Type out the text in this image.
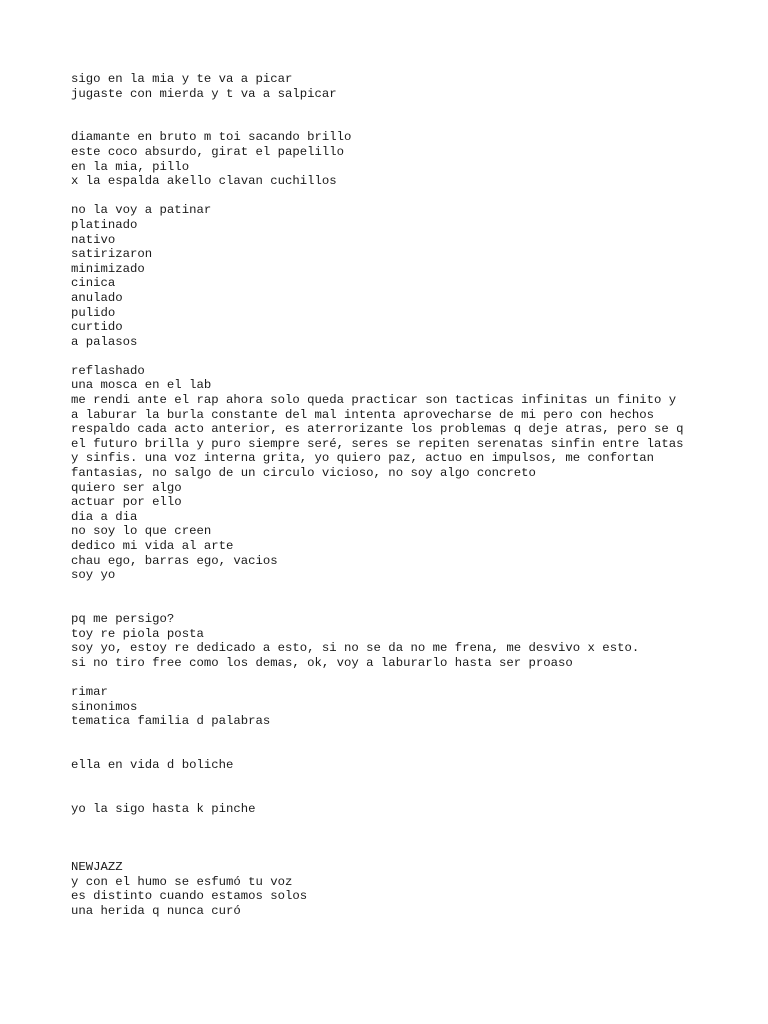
sigo en la mia y te va a picar
jugaste con mierda y t va a salpicar
diamante en bruto m toi sacando brillo
este coco absurdo, girat el papelillo
en la mia, pillo
x la espalda akello clavan cuchillos
no la voy a patinar
platinado
nativo
satirizaron
minimizado
cinica
anulado
pulido
curtido
a palasos
reflashado
una mosca en el lab
me rendi ante el rap ahora solo queda practicar son tacticas infinitas un finito y
a laburar la burla constante del mal intenta aprovecharse de mi pero con hechos
respaldo cada acto anterior, es aterrorizante los problemas q deje atras, pero se q
el futuro brilla y puro siempre seré, seres se repiten serenatas sinfin entre latas
y sinfis. una voz interna grita, yo quiero paz, actuo en impulsos, me confortan
fantasias, no salgo de un circulo vicioso, no soy algo concreto
quiero ser algo
actuar por ello
dia a dia
no soy lo que creen
dedico mi vida al arte
chau ego, barras ego, vacios
soy yo
pq me persigo?
toy re piola posta
soy yo, estoy re dedicado a esto, si no se da no me frena, me desvivo x esto.
si no tiro free como los demas, ok, voy a laburarlo hasta ser proaso
rimar
sinonimos
tematica familia d palabras
ella en vida d boliche
yo la sigo hasta k pinche
NEWJAZZ
y con el humo se esfumó tu voz
es distinto cuando estamos solos
una herida q nunca curó
